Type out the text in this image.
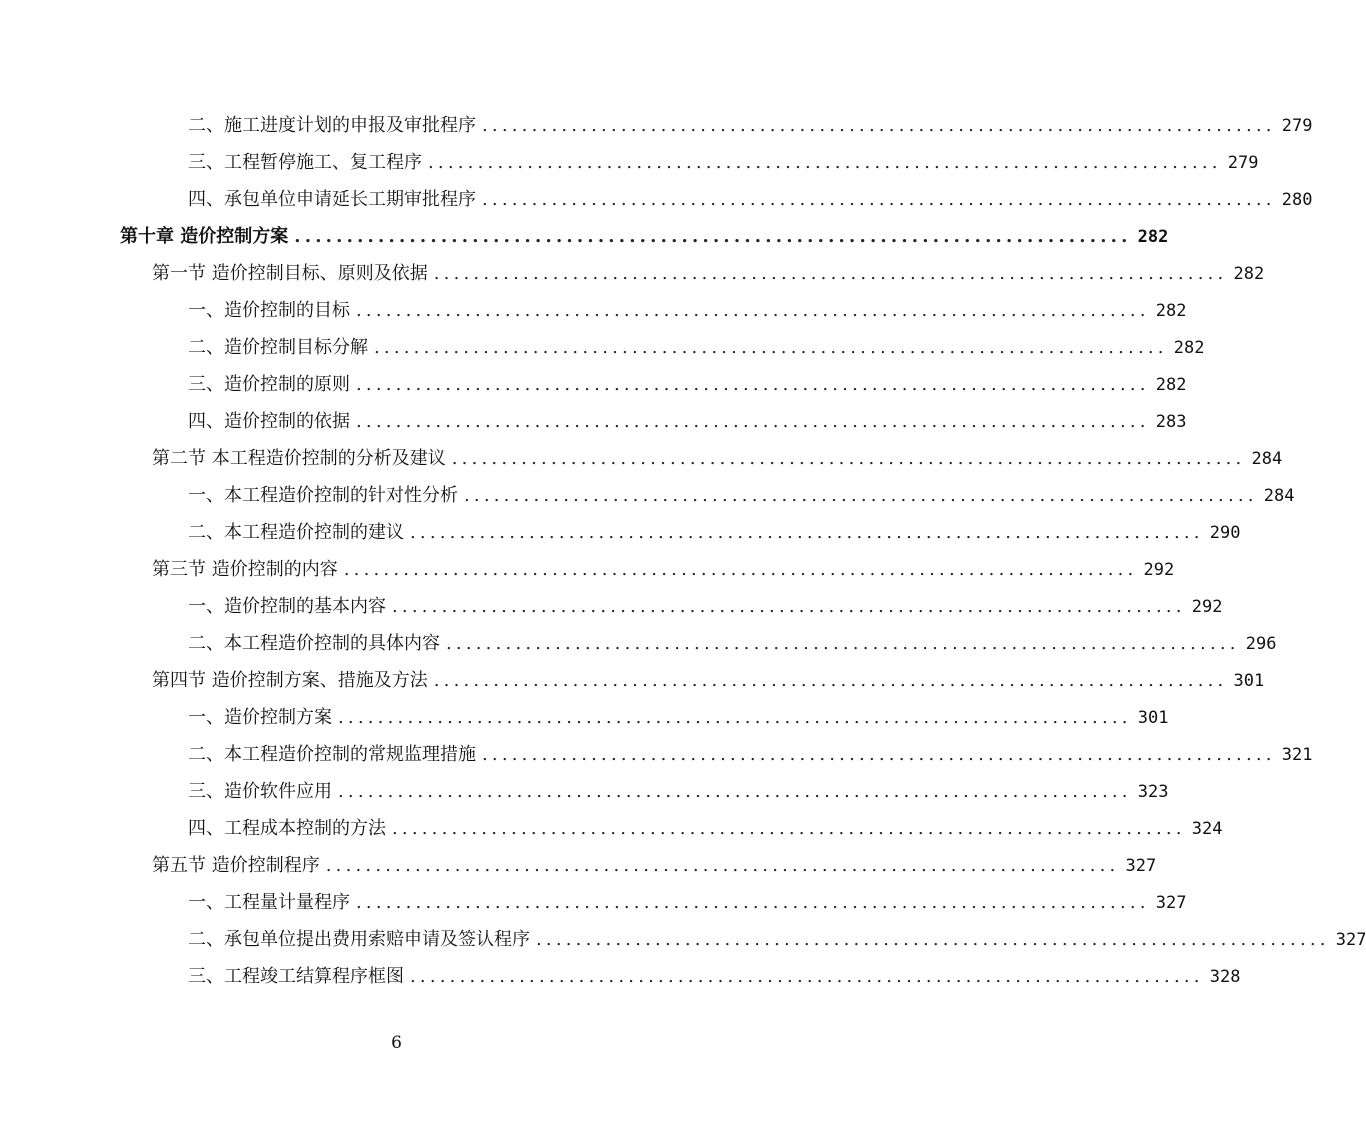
二、施工进度计划的申报及审批程序 ................................................................................ 279
三、工程暂停施工、复工程序 ................................................................................ 279
四、承包单位申请延长工期审批程序 ................................................................................ 280
第十章 造价控制方案 ................................................................................ 282
第一节 造价控制目标、原则及依据 ................................................................................ 282
一、造价控制的目标 ................................................................................ 282
二、造价控制目标分解 ................................................................................ 282
三、造价控制的原则 ................................................................................ 282
四、造价控制的依据 ................................................................................ 283
第二节 本工程造价控制的分析及建议 ................................................................................ 284
一、本工程造价控制的针对性分析 ................................................................................ 284
二、本工程造价控制的建议 ................................................................................ 290
第三节 造价控制的内容 ................................................................................ 292
一、造价控制的基本内容 ................................................................................ 292
二、本工程造价控制的具体内容 ................................................................................ 296
第四节 造价控制方案、措施及方法 ................................................................................ 301
一、造价控制方案 ................................................................................ 301
二、本工程造价控制的常规监理措施 ................................................................................ 321
三、造价软件应用 ................................................................................ 323
四、工程成本控制的方法 ................................................................................ 324
第五节 造价控制程序 ................................................................................ 327
一、工程量计量程序 ................................................................................ 327
二、承包单位提出费用索赔申请及签认程序 ................................................................................ 327
三、工程竣工结算程序框图 ................................................................................ 328
6
